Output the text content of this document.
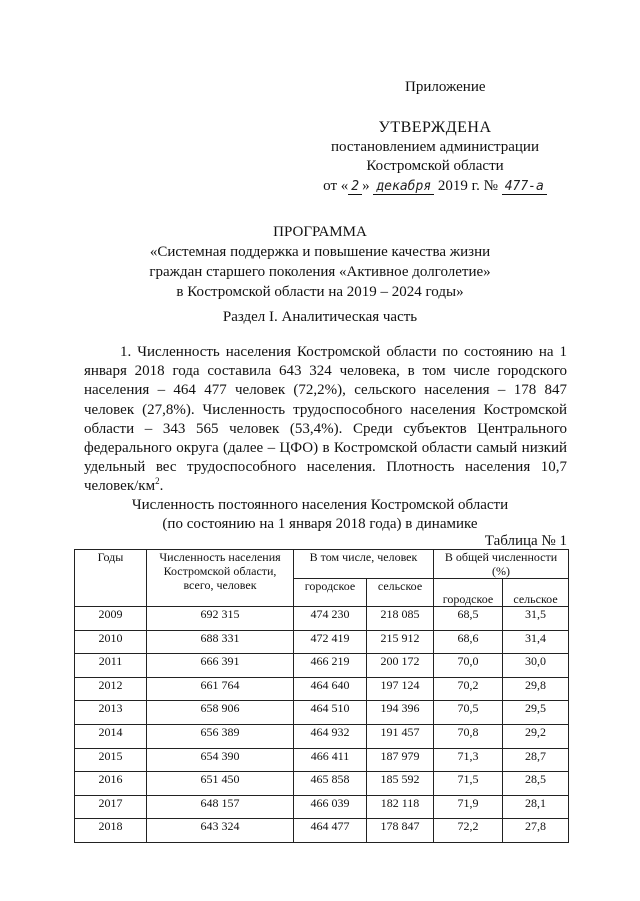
Приложение
УТВЕРЖДЕНА
постановлением администрации
Костромской области
от « 2 » декабря 2019 г. № 477-а
ПРОГРАММА
«Системная поддержка и повышение качества жизни
граждан старшего поколения «Активное долголетие»
в Костромской области на 2019 – 2024 годы»
Раздел I. Аналитическая часть
1. Численность населения Костромской области по состоянию на 1 января 2018 года составила 643 324 человека, в том числе городского населения – 464 477 человек (72,2%), сельского населения – 178 847 человек (27,8%). Численность трудоспособного населения Костромской области – 343 565 человек (53,4%). Среди субъектов Центрального федерального округа (далее – ЦФО) в Костромской области самый низкий удельный вес трудоспособного населения. Плотность населения 10,7 человек/$км^2$.
Численность постоянного населения Костромской области
(по состоянию на 1 января 2018 года) в динамике
Таблица № 1
Годы	Численность населения Костромской области, всего, человек	В том числе, человек		В общей численности (%)	
		городское	сельское	городское	сельское
2009	692 315	474 230	218 085	68,5	31,5
2010	688 331	472 419	215 912	68,6	31,4
2011	666 391	466 219	200 172	70,0	30,0
2012	661 764	464 640	197 124	70,2	29,8
2013	658 906	464 510	194 396	70,5	29,5
2014	656 389	464 932	191 457	70,8	29,2
2015	654 390	466 411	187 979	71,3	28,7
2016	651 450	465 858	185 592	71,5	28,5
2017	648 157	466 039	182 118	71,9	28,1
2018	643 324	464 477	178 847	72,2	27,8
